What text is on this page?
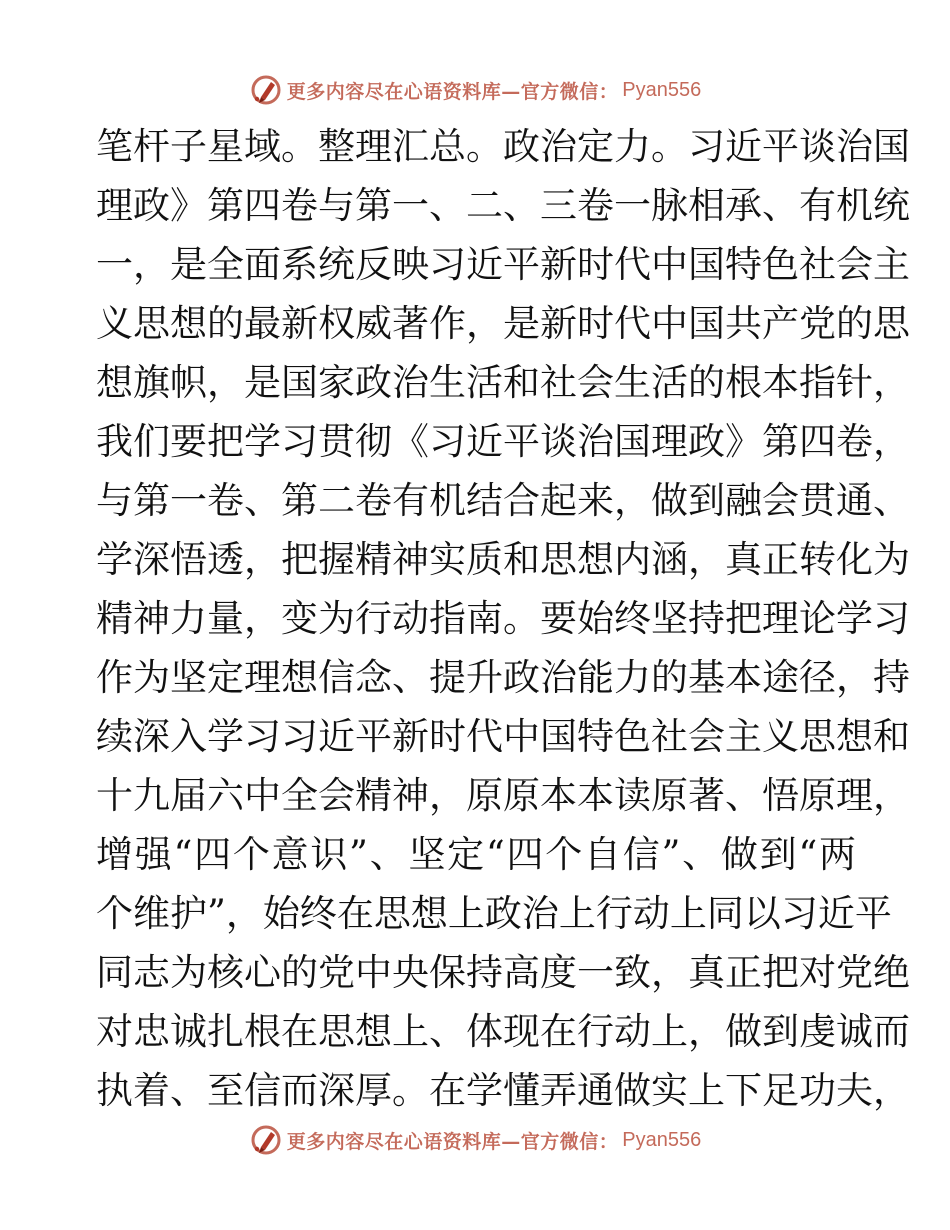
更多内容尽在心语资料库—官方微信： Pyan556
笔杆子星域。整理汇总。政治定力。习近平谈治国
理政》第四卷与第一、二、三卷一脉相承、有机统
一，是全面系统反映习近平新时代中国特色社会主
义思想的最新权威著作，是新时代中国共产党的思
想旗帜，是国家政治生活和社会生活的根本指针，
我们要把学习贯彻《习近平谈治国理政》第四卷，
与第一卷、第二卷有机结合起来，做到融会贯通、
学深悟透，把握精神实质和思想内涵，真正转化为
精神力量，变为行动指南。要始终坚持把理论学习
作为坚定理想信念、提升政治能力的基本途径，持
续深入学习习近平新时代中国特色社会主义思想和
十九届六中全会精神，原原本本读原著、悟原理，
增强“四个意识”、坚定“四个自信”、做到“两
个维护”，始终在思想上政治上行动上同以习近平
同志为核心的党中央保持高度一致，真正把对党绝
对忠诚扎根在思想上、体现在行动上，做到虔诚而
执着、至信而深厚。在学懂弄通做实上下足功夫，
更多内容尽在心语资料库—官方微信： Pyan556
